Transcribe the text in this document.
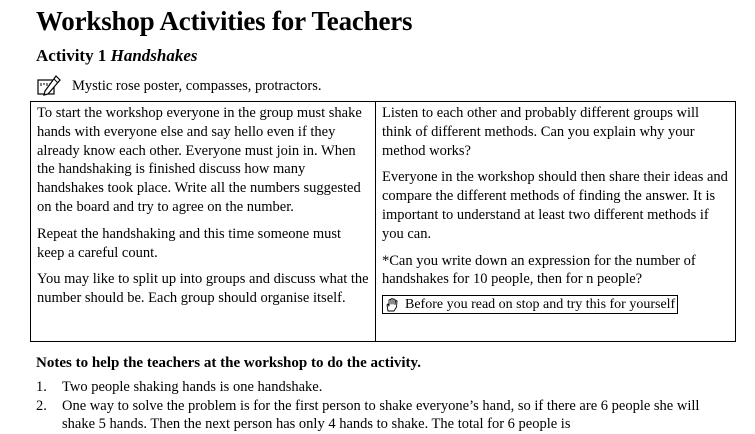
Workshop Activities for Teachers
Activity 1 Handshakes
Mystic rose poster, compasses, protractors.

To start the workshop everyone in the group must shake hands with everyone else and say hello even if they already know each other. Everyone must join in. When the handshaking is finished discuss how many handshakes took place. Write all the numbers suggested on the board and try to agree on the number.

Repeat the handshaking and this time someone must keep a careful count.

You may like to split up into groups and discuss what the number should be. Each group should organise itself.

Listen to each other and probably different groups will think of different methods. Can you explain why your method works?

Everyone in the workshop should then share their ideas and compare the different methods of finding the answer. It is important to understand at least two different methods if you can.

*Can you write down an expression for the number of handshakes for 10 people, then for n people?

Before you read on stop and try this for yourself
Notes to help the teachers at the workshop to do the activity.
1.	Two people shaking hands is one handshake.
2.	One way to solve the problem is for the first person to shake everyone’s hand, so if there are 6 people she will shake 5 hands. Then the next person has only 4 hands to shake. The total for 6 people is
